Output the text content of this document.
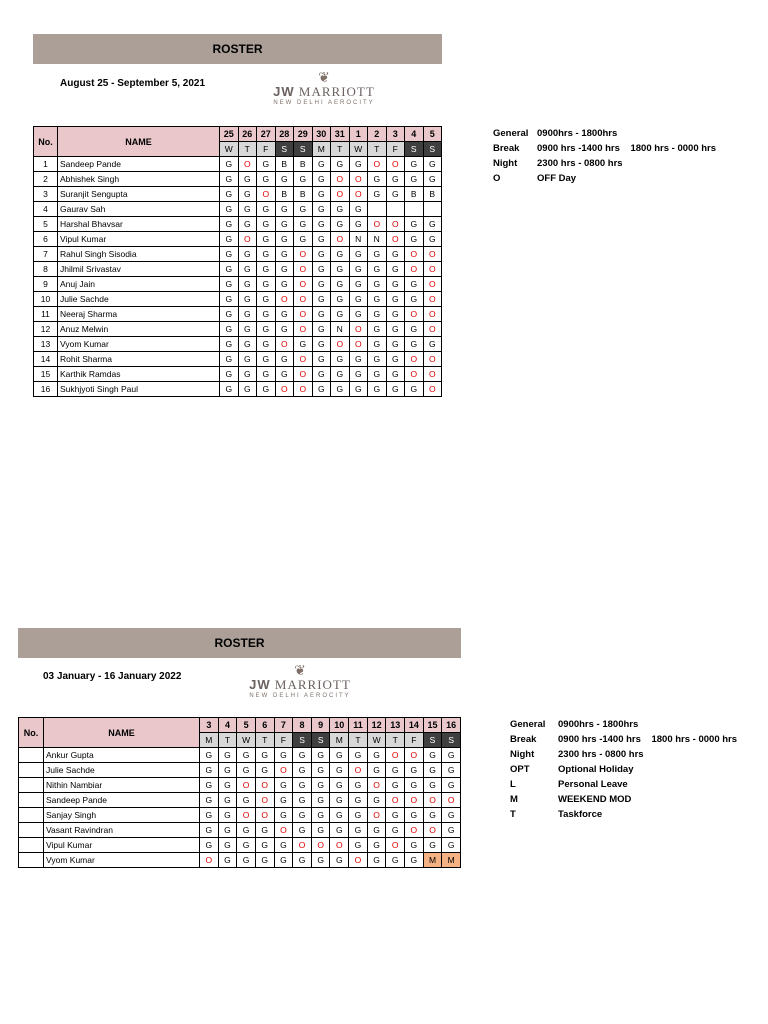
ROSTER
August 25 - September 5, 2021	❦
JW MARRIOTT
NEW DELHI AEROCITY
No.	NAME	25	26	27	28	29	30	31	1	2	3	4	5
		W	T	F	S	S	M	T	W	T	F	S	S
1	Sandeep Pande	G	O	G	B	B	G	G	G	O	O	G	G
2	Abhishek Singh	G	G	G	G	G	G	O	O	G	G	G	G
3	Suranjit Sengupta	G	G	O	B	B	G	O	O	G	G	B	B
4	Gaurav Sah	G	G	G	G	G	G	G	G				
5	Harshal Bhavsar	G	G	G	G	G	G	G	G	O	O	G	G
6	Vipul Kumar	G	O	G	G	G	G	O	N	N	O	G	G
7	Rahul Singh Sisodia	G	G	G	G	O	G	G	G	G	G	O	O
8	Jhilmil Srivastav	G	G	G	G	O	G	G	G	G	G	O	O
9	Anuj Jain	G	G	G	G	O	G	G	G	G	G	G	O
10	Julie Sachde	G	G	G	O	O	G	G	G	G	G	G	O
11	Neeraj Sharma	G	G	G	G	O	G	G	G	G	G	O	O
12	Anuz Melwin	G	G	G	G	O	G	N	O	G	G	G	O
13	Vyom Kumar	G	G	G	O	G	G	O	O	G	G	G	G
14	Rohit Sharma	G	G	G	G	O	G	G	G	G	G	O	O
15	Karthik Ramdas	G	G	G	G	O	G	G	G	G	G	O	O
16	Sukhjyoti Singh Paul	G	G	G	O	O	G	G	G	G	G	G	O
General 0900hrs - 1800hrs
Break	0900 hrs -1400 hrs    1800 hrs - 0000 hrs
Night	2300 hrs - 0800 hrs
O	OFF Day
ROSTER
03 January - 16 January 2022	❦
JW MARRIOTT
NEW DELHI AEROCITY
No.	NAME	3	4	5	6	7	8	9	10	11	12	13	14	15	16
		M	T	W	T	F	S	S	M	T	W	T	F	S	S
	Ankur Gupta	G	G	G	G	G	G	G	G	G	G	O	O	G	G
	Julie Sachde	G	G	G	G	O	G	G	G	O	G	G	G	G	G
	Nithin Nambiar	G	G	O	O	G	G	G	G	G	O	G	G	G	G
	Sandeep Pande	G	G	G	O	G	G	G	G	G	G	O	O	O	O
	Sanjay Singh	G	G	O	O	G	G	G	G	G	O	G	G	G	G
	Vasant Ravindran	G	G	G	G	O	G	G	G	G	G	G	O	O	G
	Vipul Kumar	G	G	G	G	G	O	O	O	G	G	O	G	G	G
	Vyom Kumar	O	G	G	G	G	G	G	G	O	G	G	G	M	M
General	0900hrs - 1800hrs
Break	0900 hrs -1400 hrs    1800 hrs - 0000 hrs
Night	2300 hrs - 0800 hrs
OPT	Optional Holiday
L	Personal Leave
M	WEEKEND MOD
T	Taskforce
